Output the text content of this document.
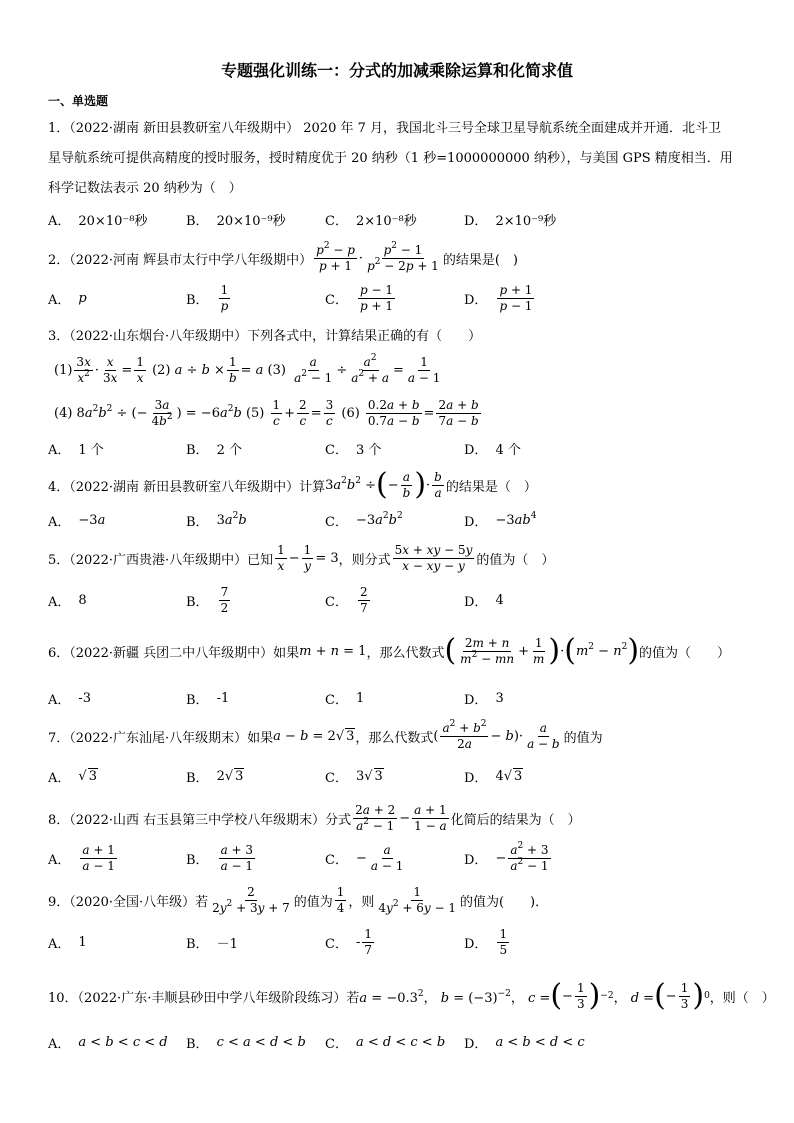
专题强化训练一：分式的加减乘除运算和化简求值
一、单选题
1．（2022·湖南 新田县教研室八年级期中） 2020 年 7 月，我国北斗三号全球卫星导航系统全面建成并开通．北斗卫
星导航系统可提供高精度的授时服务，授时精度优于 20 纳秒（1 秒=1000000000 纳秒），与美国 GPS 精度相当．用
科学记数法表示 20 纳秒为（　）
A． 20×10⁻⁸秒	B． 20×10⁻⁹秒	C． 2×10⁻⁸秒	D． 2×10⁻⁹秒
2．（2022·河南 辉县市太行中学八年级期中）
$p^2 - p$
p + 1 ·
$p^2 - 1$
$p^2 - 2p + 1$ 的结果是(　)
A． p	B．
1
p	C．
p − 1
p + 1	D．
p + 1
p − 1
3．（2022·山东烟台·八年级期中）下列各式中，计算结果正确的有（　　）
(1)
3x
$x^2$ ·
x
3x =
1
x (2) $a \div b \times \frac{1}{b} = a$ (3)
a
$a^2 - 1$ ÷
$a^2$
$a^2 + a$ =
1
a − 1
(4) $8a^2b^2$ ÷ (− $\frac{3a}{4b^2}$ ) = $-6a^2b$ (5)
1
c +
2
c =
3
c (6)
0.2a + b
0.7a − b =
2a + b
7a − b
A． 1 个	B． 2 个	C． 3 个	D． 4 个
4．（2022·湖南 新田县教研室八年级期中）计算 $3a^2b^2$ ÷ ( − $\frac{a}{b}$ ) ·
b
a 的结果是（　）
A． −3a	B． $3a^2b$	C． $-3a^2b^2$	D． $-3ab^4$
5．（2022·广西贵港·八年级期中）已知
1
$x - \frac{1}{y} = 3$ ，则分式
5x + xy − 5y
x − xy − y 的值为（　）
A． 8	B．
7
2	C．
2
7	D． 4
6．（2022·新疆 兵团二中八年级期中）如果 m + n = 1 ，那么代数式 ( 2m + n
$m^2$ − mn +
1
m ) · ( $m^2 - n^2$ ) 的值为（　　）
A． -3	B． -1	C． 1	D． 3
7．（2022·广东汕尾·八年级期末）如果 a − b = 2√ 3 ，那么代数式 (
$a^2 + b^2$
2a − b)·
a
a − b 的值为
A． √ 3	B． 2√ 3	C． 3√ 3	D． 4√ 3
8．（2022·山西 右玉县第三中学校八年级期末）分式
2a + 2
$a^2 - 1$ −
a + 1
1 − a 化简后的结果为（　）
A．
a + 1
a − 1	B．
a + 3
a − 1	C． − $\frac{a}{a - 1}$	D． − $\frac{a^2 + 3}{a^2 - 1}$
9．（2020·全国·八年级）若
2
$2y^2 + 3y + 7$ 的值为
1
4 ，则
1
$4y^2 + 6y - 1$ 的值为(　　)．
A． 1	B． －1	C． -
1
7	D．
1
5
10．（2022·广东·丰顺县砂田中学八年级阶段练习）若 $a = -0.3^2$， $b = (-3)^{-2}$， c = ( − $\frac{1}{3}$ ) −2 ， d = ( − $\frac{1}{3}$ ) 0 ，则（　）
A． a < b < c < d B． c < a < d < b C． a < d < c < b D． a < b < d < c
